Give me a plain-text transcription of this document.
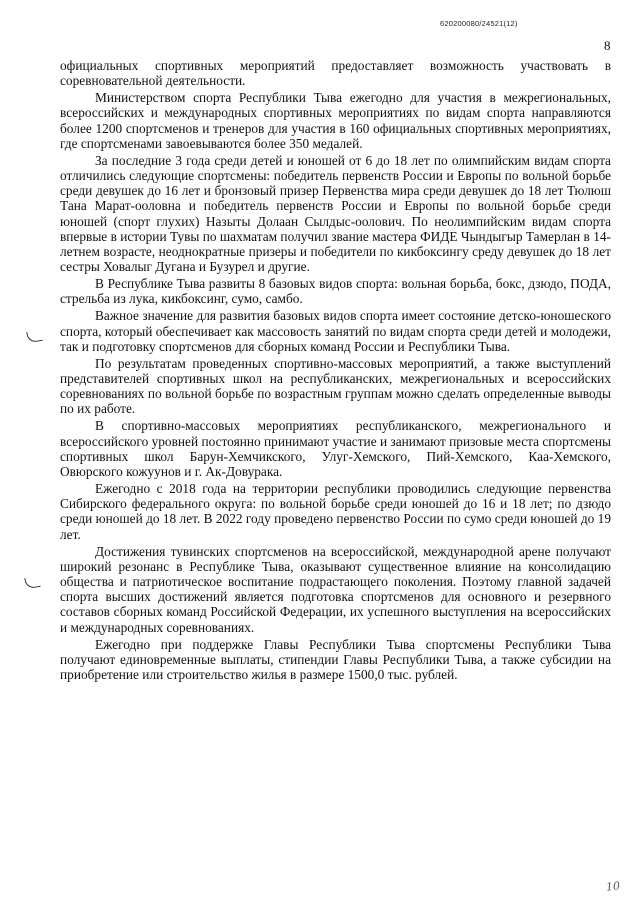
620200080/24521(12)
8

официальных спортивных мероприятий предоставляет возможность участвовать в соревновательной деятельности.

Министерством спорта Республики Тыва ежегодно для участия в межрегиональных, всероссийских и международных спортивных мероприятиях по видам спорта направляются более 1200 спортсменов и тренеров для участия в 160 официальных спортивных мероприятиях, где спортсменами завоевываются более 350 медалей.

За последние 3 года среди детей и юношей от 6 до 18 лет по олимпийским видам спорта отличились следующие спортсмены: победитель первенств России и Европы по вольной борьбе среди девушек до 16 лет и бронзовый призер Первенства мира среди девушек до 18 лет Тюлюш Тана Марат-ооловна и победитель первенств России и Европы по вольной борьбе среди юношей (спорт глухих) Назыты Долаан Сылдыс-оолович. По неолимпийским видам спорта впервые в истории Тувы по шахматам получил звание мастера ФИДЕ Чындыгыр Тамерлан в 14-летнем возрасте, неоднократные призеры и победители по кикбоксингу среду девушек до 18 лет сестры Ховалыг Дугана и Бузурел и другие.

В Республике Тыва развиты 8 базовых видов спорта: вольная борьба, бокс, дзюдо, ПОДА, стрельба из лука, кикбоксинг, сумо, самбо.

Важное значение для развития базовых видов спорта имеет состояние детско-юношеского спорта, который обеспечивает как массовость занятий по видам спорта среди детей и молодежи, так и подготовку спортсменов для сборных команд России и Республики Тыва.

По результатам проведенных спортивно-массовых мероприятий, а также выступлений представителей спортивных школ на республиканских, межрегиональных и всероссийских соревнованиях по вольной борьбе по возрастным группам можно сделать определенные выводы по их работе.

В спортивно-массовых мероприятиях республиканского, межрегионального и всероссийского уровней постоянно принимают участие и занимают призовые места спортсмены спортивных школ Барун-Хемчикского, Улуг-Хемского, Пий-Хемского, Каа-Хемского, Овюрского кожуунов и г. Ак-Довурака.

Ежегодно с 2018 года на территории республики проводились следующие первенства Сибирского федерального округа: по вольной борьбе среди юношей до 16 и 18 лет; по дзюдо среди юношей до 18 лет. В 2022 году проведено первенство России по сумо среди юношей до 19 лет.

Достижения тувинских спортсменов на всероссийской, международной арене получают широкий резонанс в Республике Тыва, оказывают существенное влияние на консолидацию общества и патриотическое воспитание подрастающего поколения. Поэтому главной задачей спорта высших достижений является подготовка спортсменов для основного и резервного составов сборных команд Российской Федерации, их успешного выступления на всероссийских и международных соревнованиях.

Ежегодно при поддержке Главы Республики Тыва спортсмены Республики Тыва получают единовременные выплаты, стипендии Главы Республики Тыва, а также субсидии на приобретение или строительство жилья в размере 1500,0 тыс. рублей.

10
